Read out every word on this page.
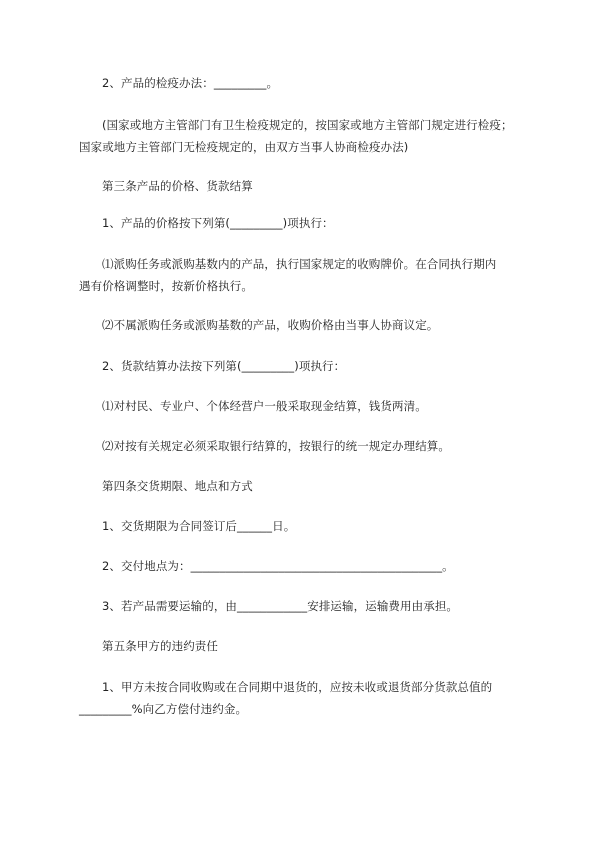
2、产品的检疫办法：_________。
(国家或地方主管部门有卫生检疫规定的，按国家或地方主管部门规定进行检疫；
国家或地方主管部门无检疫规定的，由双方当事人协商检疫办法)
第三条产品的价格、货款结算
1、产品的价格按下列第(_________)项执行：
⑴派购任务或派购基数内的产品，执行国家规定的收购牌价。在合同执行期内
遇有价格调整时，按新价格执行。
⑵不属派购任务或派购基数的产品，收购价格由当事人协商议定。
2、货款结算办法按下列第(_________)项执行：
⑴对村民、专业户、个体经营户一般采取现金结算，钱货两清。
⑵对按有关规定必须采取银行结算的，按银行的统一规定办理结算。
第四条交货期限、地点和方式
1、交货期限为合同签订后______日。
2、交付地点为：___________________________________________。
3、若产品需要运输的，由____________安排运输，运输费用由承担。
第五条甲方的违约责任
1、甲方未按合同收购或在合同期中退货的，应按未收或退货部分货款总值的
_________%向乙方偿付违约金。
